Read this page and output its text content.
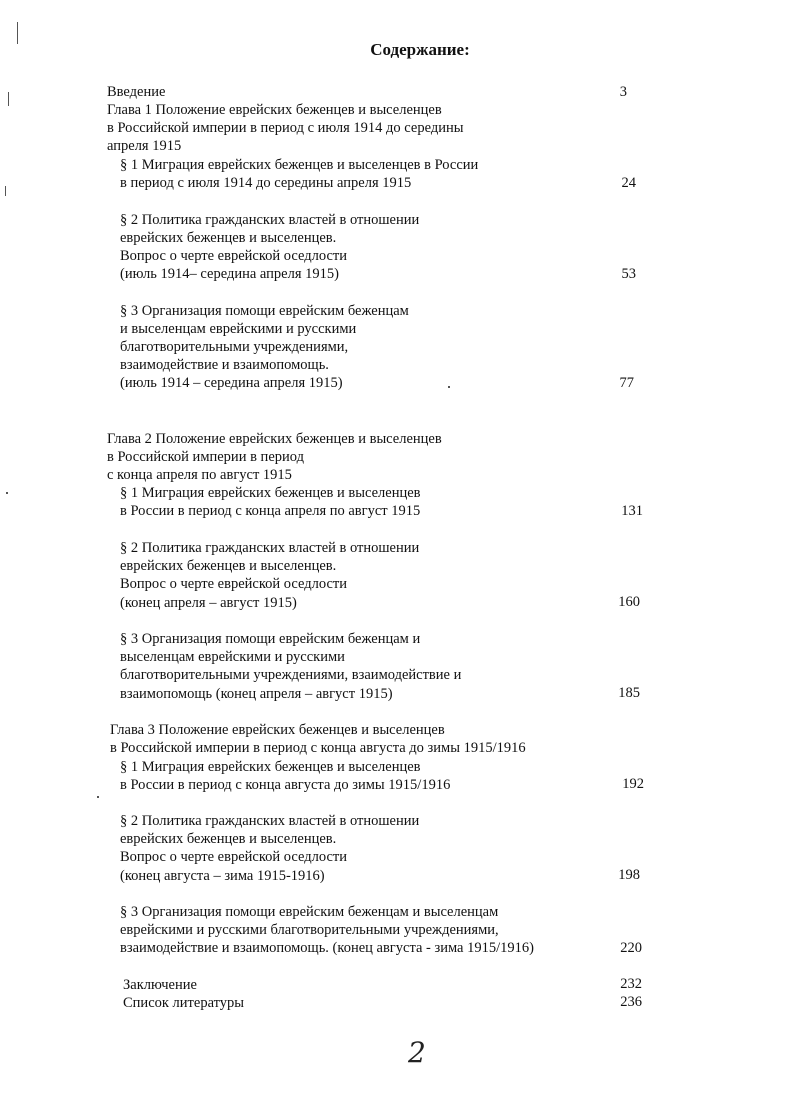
Содержание:
Введение	3
Глава 1 Положение еврейских беженцев и выселенцев
в Российской империи в период с июля 1914 до середины
апреля 1915
§ 1 Миграция еврейских беженцев и выселенцев в России
в период с июля 1914 до середины апреля 1915	24
§ 2 Политика гражданских властей в отношении
еврейских беженцев и выселенцев.
Вопрос о черте еврейской оседлости
(июль 1914– середина апреля 1915)	53
§ 3 Организация помощи еврейским беженцам
и выселенцам еврейскими и русскими
благотворительными учреждениями,
взаимодействие и взаимопомощь.
(июль 1914 – середина апреля 1915)	77
Глава 2 Положение еврейских беженцев и выселенцев
в Российской империи в период
с конца апреля по август 1915
§ 1 Миграция еврейских беженцев и выселенцев
в России в период с конца апреля по август 1915	131
§ 2 Политика гражданских властей в отношении
еврейских беженцев и выселенцев.
Вопрос о черте еврейской оседлости
(конец апреля – август 1915)	160
§ 3 Организация помощи еврейским беженцам и
выселенцам еврейскими и русскими
благотворительными учреждениями, взаимодействие и
взаимопомощь (конец апреля – август 1915)	185
Глава 3 Положение еврейских беженцев и выселенцев
в Российской империи в период с конца августа до зимы 1915/1916
§ 1 Миграция еврейских беженцев и выселенцев
в России в период с конца августа до зимы 1915/1916	192
§ 2 Политика гражданских властей в отношении
еврейских беженцев и выселенцев.
Вопрос о черте еврейской оседлости
(конец августа – зима 1915-1916)	198
§ 3 Организация помощи еврейским беженцам и выселенцам
еврейскими и русскими благотворительными учреждениями,
взаимодействие и взаимопомощь. (конец августа - зима 1915/1916)	220
Заключение	232
Список литературы	236
2
